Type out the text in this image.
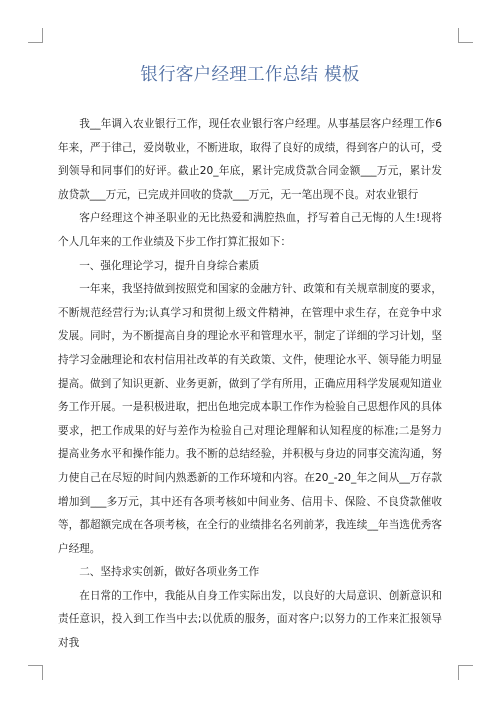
银行客户经理工作总结 模板

我__年调入农业银行工作，现任农业银行客户经理。从事基层客户经理工作6年来，严于律己，爱岗敬业，不断进取，取得了良好的成绩，得到客户的认可，受到领导和同事们的好评。截止20_年底，累计完成贷款合同金额___万元，累计发放贷款___万元，已完成并回收的贷款___万元，无一笔出现不良。对农业银行

客户经理这个神圣职业的无比热爱和满腔热血，抒写着自己无悔的人生!现将个人几年来的工作业绩及下步工作打算汇报如下：

一、强化理论学习，提升自身综合素质

一年来，我坚持做到按照党和国家的金融方针、政策和有关规章制度的要求，不断规范经营行为;认真学习和贯彻上级文件精神，在管理中求生存，在竞争中求发展。同时，为不断提高自身的理论水平和管理水平，制定了详细的学习计划，坚持学习金融理论和农村信用社改革的有关政策、文件，使理论水平、领导能力明显提高。做到了知识更新、业务更新，做到了学有所用，正确应用科学发展观知道业务工作开展。一是积极进取，把出色地完成本职工作作为检验自己思想作风的具体要求，把工作成果的好与差作为检验自己对理论理解和认知程度的标准;二是努力提高业务水平和操作能力。我不断的总结经验，并积极与身边的同事交流沟通，努力使自己在尽短的时间内熟悉新的工作环境和内容。在20_-20_年之间从__万存款增加到___多万元，其中还有各项考核如中间业务、信用卡、保险、不良贷款催收等，都超额完成在各项考核，在全行的业绩排名名列前茅，我连续__年当选优秀客户经理。

二、坚持求实创新，做好各项业务工作

在日常的工作中，我能从自身工作实际出发，以良好的大局意识、创新意识和责任意识，投入到工作当中去;以优质的服务，面对客户;以努力的工作来汇报领导对我
